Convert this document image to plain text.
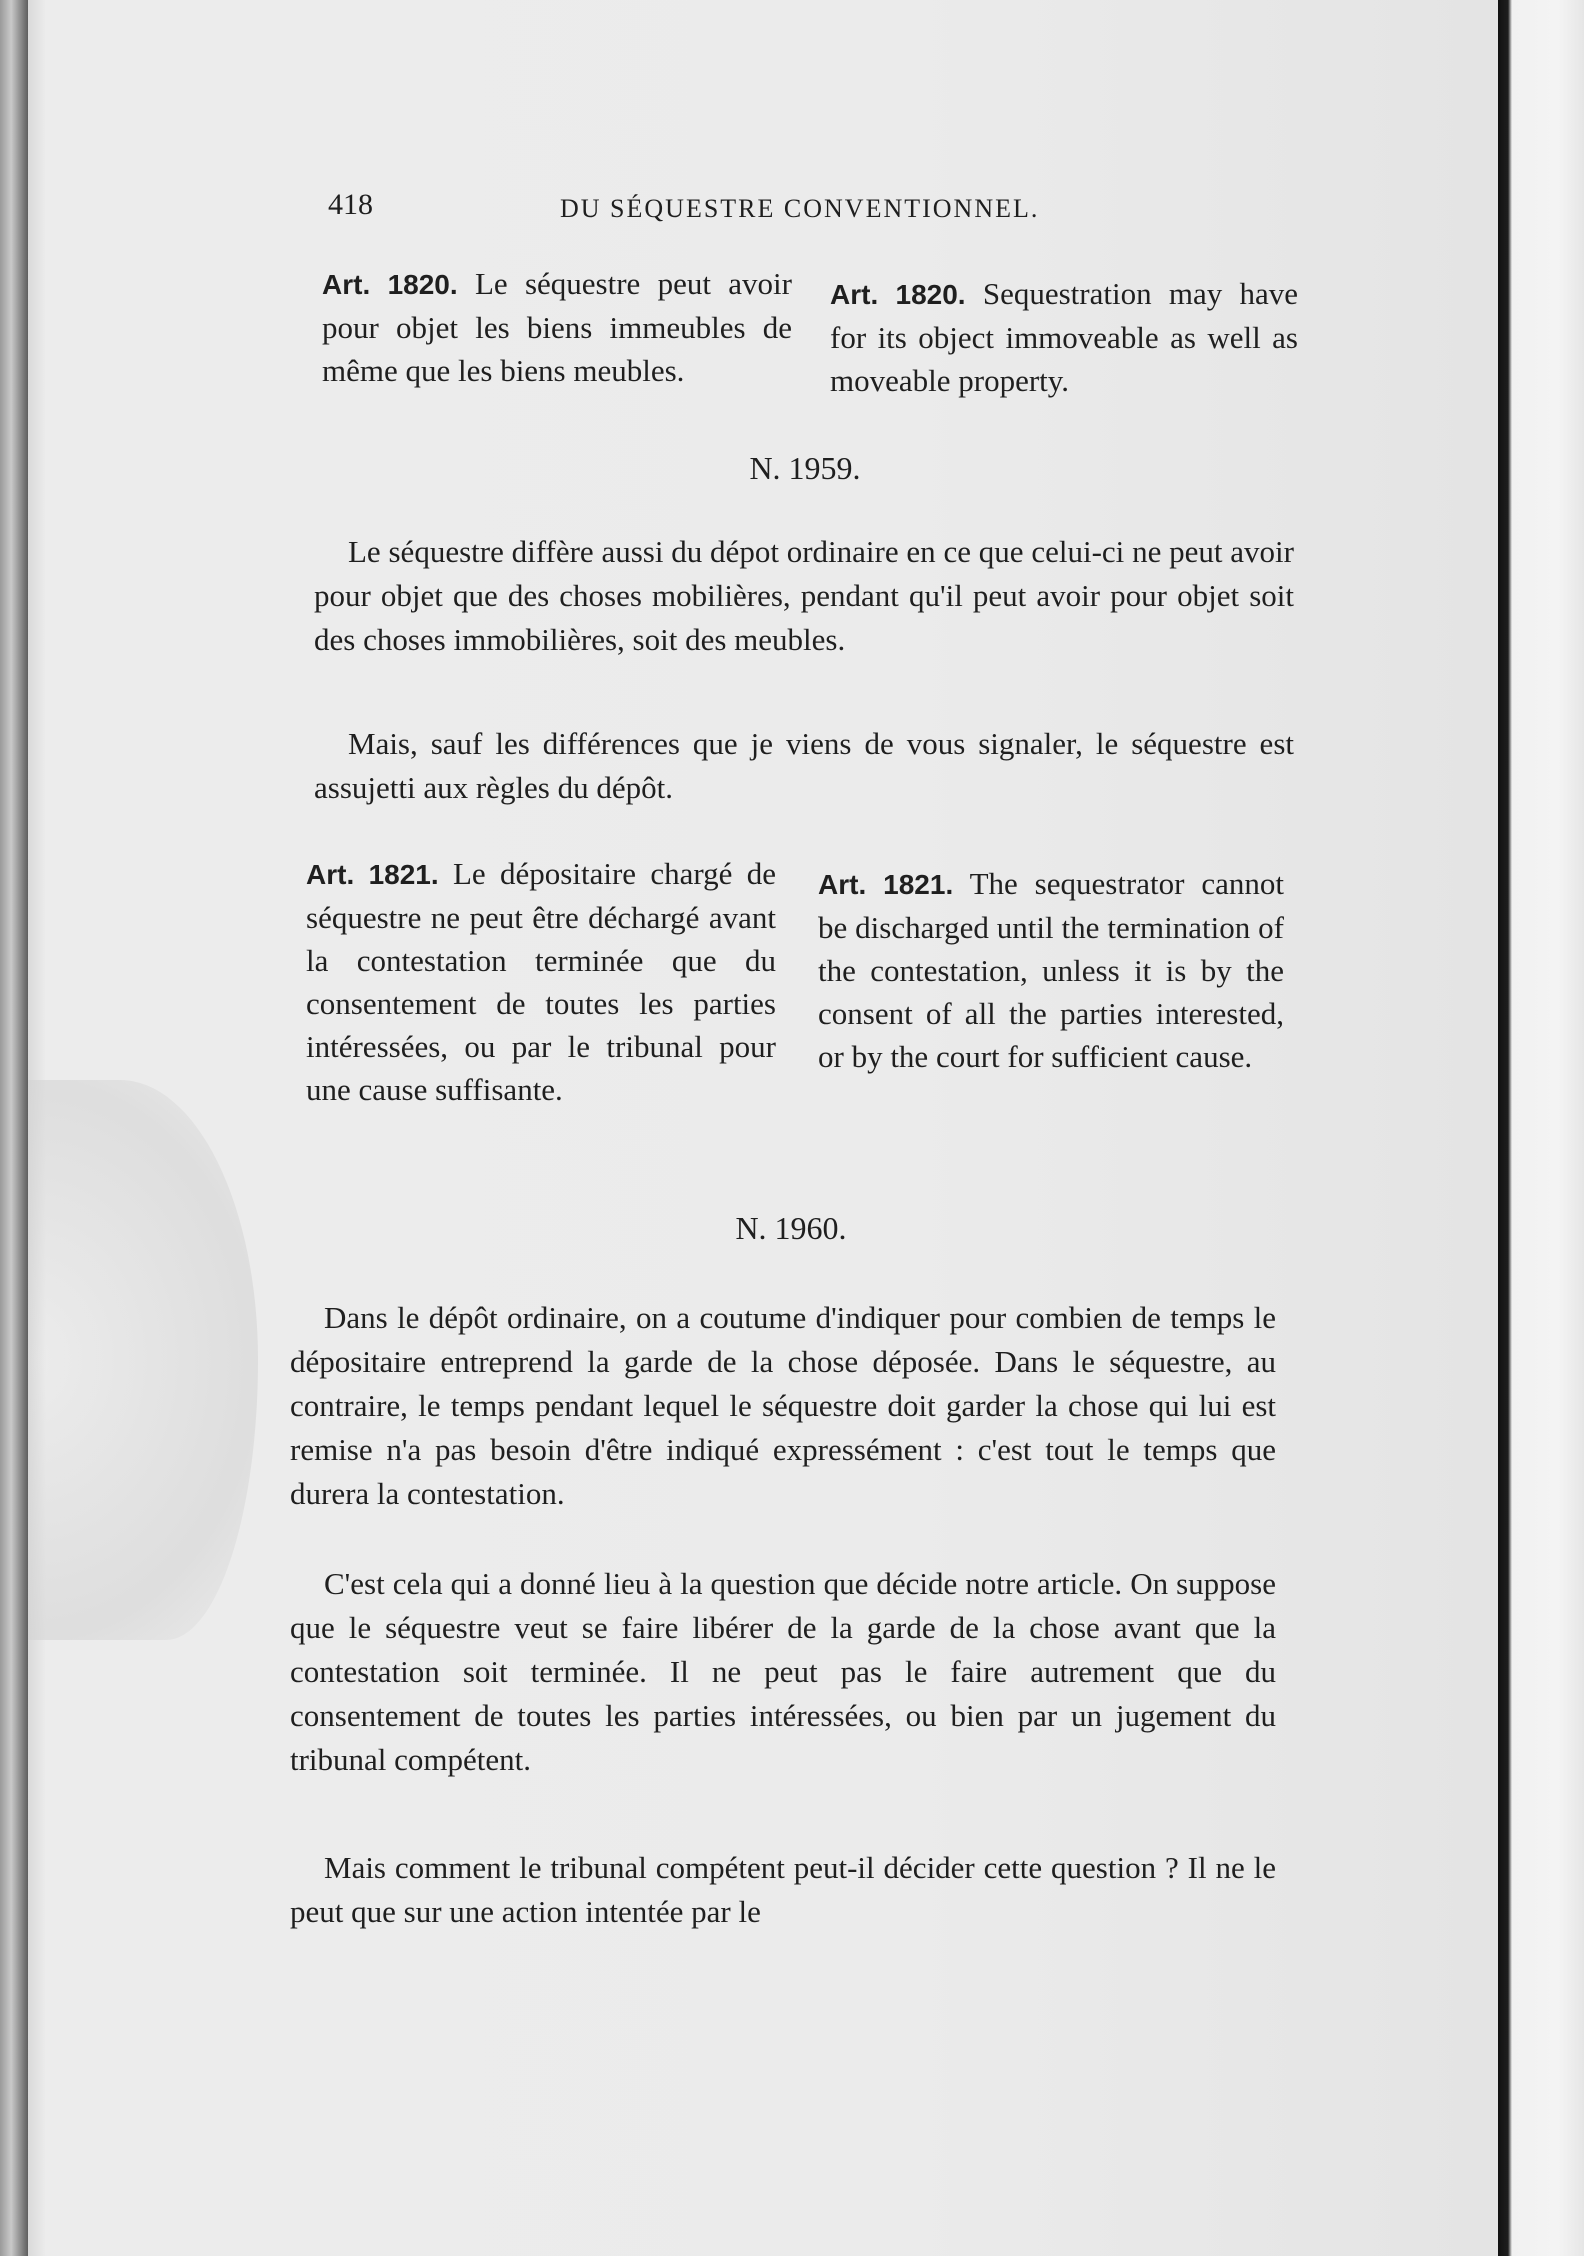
418	DU SÉQUESTRE CONVENTIONNEL.
Art. 1820. Le séquestre peut avoir pour objet les biens immeubles de même que les biens meubles.
Art. 1820. Sequestration may have for its object immoveable as well as moveable property.
N. 1959.
Le séquestre diffère aussi du dépot ordinaire en ce que celui-ci ne peut avoir pour objet que des choses mobilières, pendant qu'il peut avoir pour objet soit des choses immobilières, soit des meubles.
Mais, sauf les différences que je viens de vous signaler, le séquestre est assujetti aux règles du dépôt.
Art. 1821. Le dépositaire chargé de séquestre ne peut être déchargé avant la contestation terminée que du consentement de toutes les parties intéressées, ou par le tribunal pour une cause suffisante.
Art. 1821. The sequestrator cannot be discharged until the termination of the contestation, unless it is by the consent of all the parties interested, or by the court for sufficient cause.
N. 1960.
Dans le dépôt ordinaire, on a coutume d'indiquer pour combien de temps le dépositaire entreprend la garde de la chose déposée. Dans le séquestre, au contraire, le temps pendant lequel le séquestre doit garder la chose qui lui est remise n'a pas besoin d'être indiqué expressément : c'est tout le temps que durera la contestation.
C'est cela qui a donné lieu à la question que décide notre article. On suppose que le séquestre veut se faire libérer de la garde de la chose avant que la contestation soit terminée. Il ne peut pas le faire autrement que du consentement de toutes les parties intéressées, ou bien par un jugement du tribunal compétent.
Mais comment le tribunal compétent peut-il décider cette question ? Il ne le peut que sur une action intentée par le
